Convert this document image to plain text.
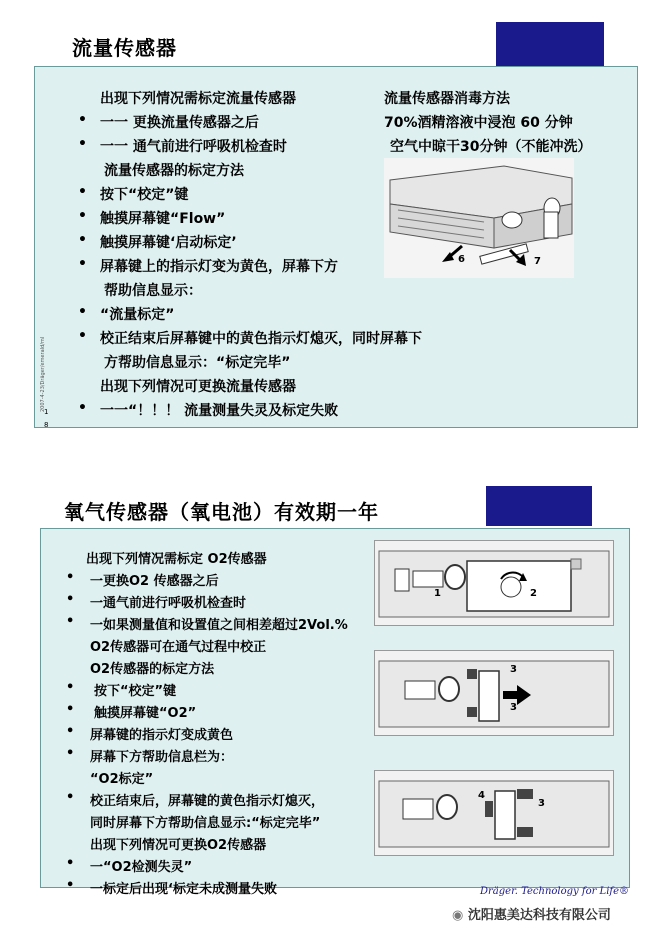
流量传感器
2007-4-23/Dräger/emerald/ml
1
8
出现下列情况需标定流量传感器
• 一一 更换流量传感器之后
• 一一 通气前进行呼吸机检查时
流量传感器的标定方法
• 按下“校定”键
• 触摸屏幕键“Flow”
• 触摸屏幕键‘启动标定’
• 屏幕键上的指示灯变为黄色，屏幕下方
帮助信息显示：
• “流量标定”
• 校正结束后屏幕键中的黄色指示灯熄灭，同时屏幕下
方帮助信息显示：“标定完毕”
出现下列情况可更换流量传感器
• 一一“！！！ 流量测量失灵及标定失败
流量传感器消毒方法
70%酒精溶液中浸泡 60 分钟
空气中晾干30分钟（不能冲洗）
6	7
氧气传感器（氧电池）有效期一年
出现下列情况需标定 O2传感器
• 一更换O2 传感器之后
• 一通气前进行呼吸机检查时
• 一如果测量值和设置值之间相差超过2Vol.%
O2传感器可在通气过程中校正
O2传感器的标定方法
• 按下“校定”键
• 触摸屏幕键“O2”
• 屏幕键的指示灯变成黄色
• 屏幕下方帮助信息栏为：
“O2标定”
• 校正结束后，屏幕键的黄色指示灯熄灭，
同时屏幕下方帮助信息显示:“标定完毕”
出现下列情况可更换O2传感器
• 一“O2检测失灵”
• 一标定后出现‘标定未成测量失败
1	2
3
3
4
3
Dräger. Technology for Life®
◉ 沈阳惠美达科技有限公司
